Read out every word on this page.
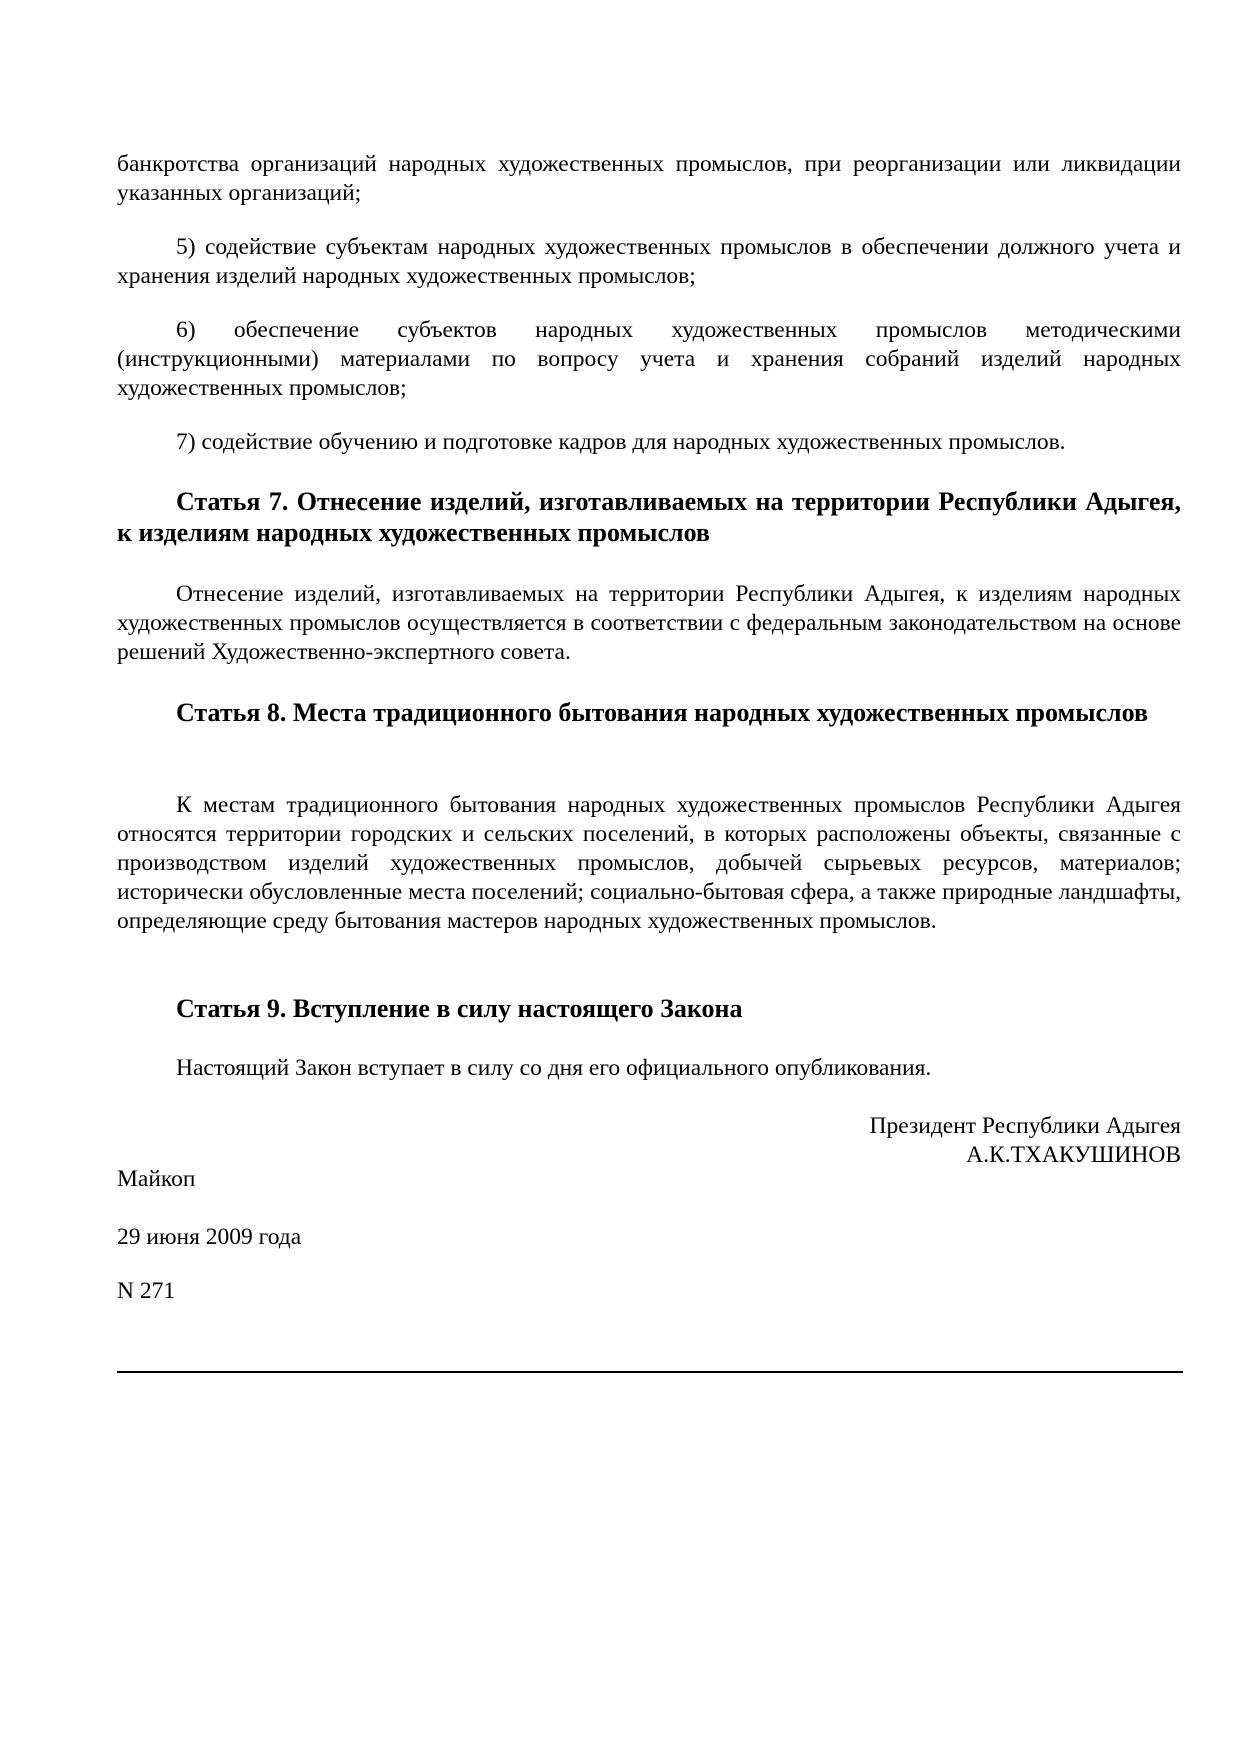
банкротства организаций народных художественных промыслов, при реорганизации или ликвидации указанных организаций;
5) содействие субъектам народных художественных промыслов в обеспечении должного учета и хранения изделий народных художественных промыслов;
6) обеспечение субъектов народных художественных промыслов методическими (инструкционными) материалами по вопросу учета и хранения собраний изделий народных художественных промыслов;
7) содействие обучению и подготовке кадров для народных художественных промыслов.
Статья 7. Отнесение изделий, изготавливаемых на территории Республики Адыгея, к изделиям народных художественных промыслов
Отнесение изделий, изготавливаемых на территории Республики Адыгея, к изделиям народных художественных промыслов осуществляется в соответствии с федеральным законодательством на основе решений Художественно-экспертного совета.
Статья 8. Места традиционного бытования народных художественных промыслов
К местам традиционного бытования народных художественных промыслов Республики Адыгея относятся территории городских и сельских поселений, в которых расположены объекты, связанные с производством изделий художественных промыслов, добычей сырьевых ресурсов, материалов; исторически обусловленные места поселений; социально-бытовая сфера, а также природные ландшафты, определяющие среду бытования мастеров народных художественных промыслов.
Статья 9. Вступление в силу настоящего Закона
Настоящий Закон вступает в силу со дня его официального опубликования.
Президент Республики Адыгея
А.К.ТХАКУШИНОВ
Майкоп
29 июня 2009 года
N 271
